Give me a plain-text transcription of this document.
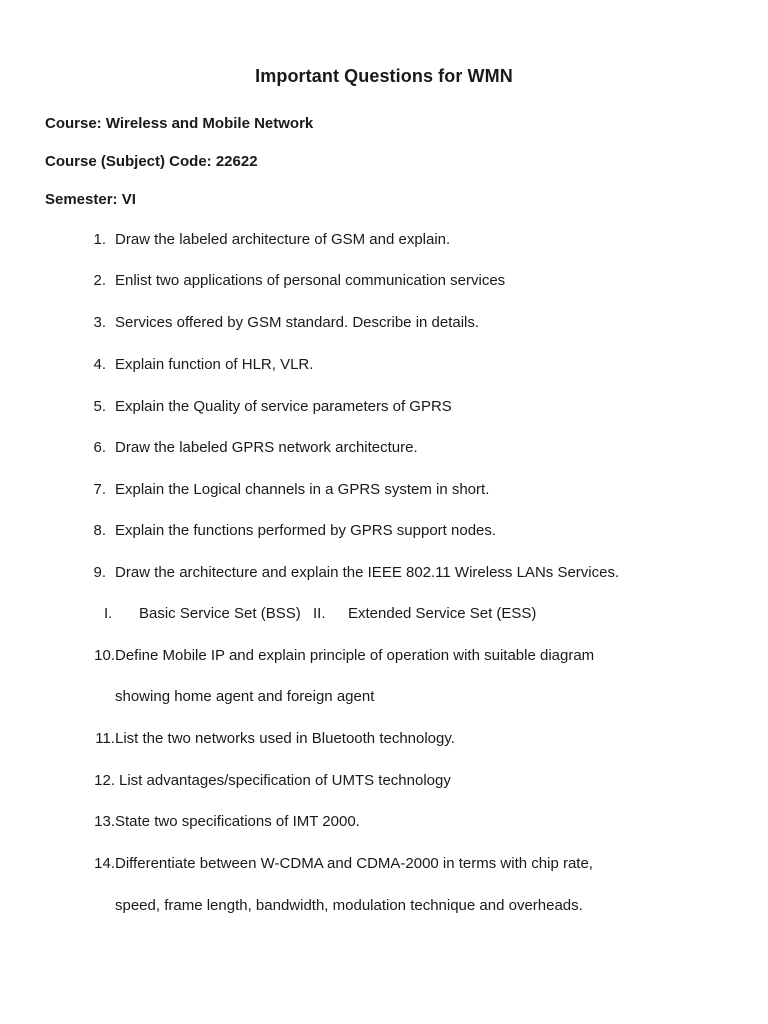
Important Questions for WMN
Course: Wireless and Mobile Network
Course (Subject) Code: 22622
Semester: VI
1. Draw the labeled architecture of GSM and explain.
2. Enlist two applications of personal communication services
3. Services offered by GSM standard. Describe in details.
4. Explain function of HLR, VLR.
5. Explain the Quality of service parameters of GPRS
6. Draw the labeled GPRS network architecture.
7. Explain the Logical channels in a GPRS system in short.
8. Explain the functions performed by GPRS support nodes.
9. Draw the architecture and explain the IEEE 802.11 Wireless LANs Services.
I. Basic Service Set (BSS) II. Extended Service Set (ESS)
10. Define Mobile IP and explain principle of operation with suitable diagram
showing home agent and foreign agent
11. List the two networks used in Bluetooth technology.
12. List advantages/specification of UMTS technology
13. State two specifications of IMT 2000.
14. Differentiate between W-CDMA and CDMA-2000 in terms with chip rate,
speed, frame length, bandwidth, modulation technique and overheads.
